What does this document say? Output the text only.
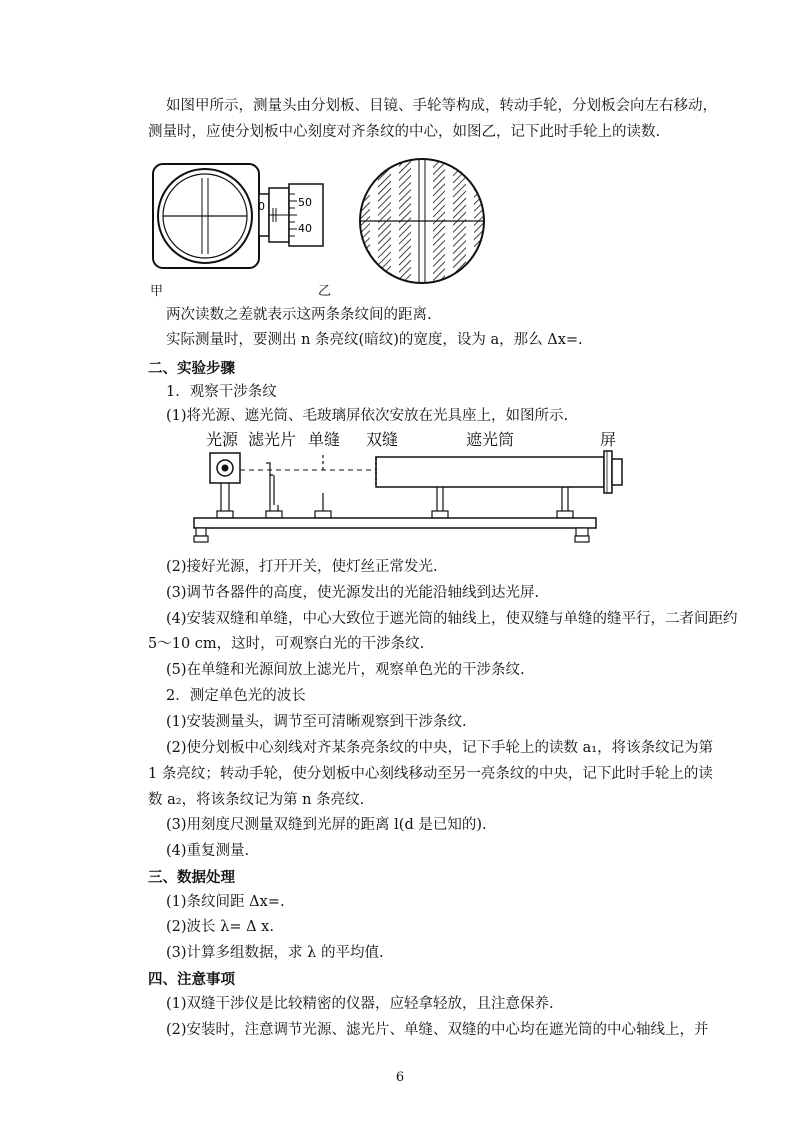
如图甲所示，测量头由分划板、目镜、手轮等构成，转动手轮，分划板会向左右移动，
测量时，应使分划板中心刻度对齐条纹的中心，如图乙，记下此时手轮上的读数.
50
0
40
甲	乙
两次读数之差就表示这两条条纹间的距离.
实际测量时，要测出 n 条亮纹(暗纹)的宽度，设为 a，那么 Δx=.
二、实验步骤
1．观察干涉条纹
(1)将光源、遮光筒、毛玻璃屏依次安放在光具座上，如图所示.
光源 滤光片 单缝 双缝	遮光筒	屏
(2)接好光源，打开开关，使灯丝正常发光.
(3)调节各器件的高度，使光源发出的光能沿轴线到达光屏.
(4)安装双缝和单缝，中心大致位于遮光筒的轴线上，使双缝与单缝的缝平行，二者间距约
5～10 cm，这时，可观察白光的干涉条纹.
(5)在单缝和光源间放上滤光片，观察单色光的干涉条纹.
2．测定单色光的波长
(1)安装测量头，调节至可清晰观察到干涉条纹.
(2)使分划板中心刻线对齐某条亮条纹的中央，记下手轮上的读数 a₁，将该条纹记为第
1 条亮纹；转动手轮，使分划板中心刻线移动至另一亮条纹的中央，记下此时手轮上的读
数 a₂，将该条纹记为第 n 条亮纹.
(3)用刻度尺测量双缝到光屏的距离 l(d 是已知的).
(4)重复测量.
三、数据处理
(1)条纹间距 Δx=.
(2)波长 λ= Δ x.
(3)计算多组数据，求 λ 的平均值.
四、注意事项
(1)双缝干涉仪是比较精密的仪器，应轻拿轻放，且注意保养.
(2)安装时，注意调节光源、滤光片、单缝、双缝的中心均在遮光筒的中心轴线上，并
6
